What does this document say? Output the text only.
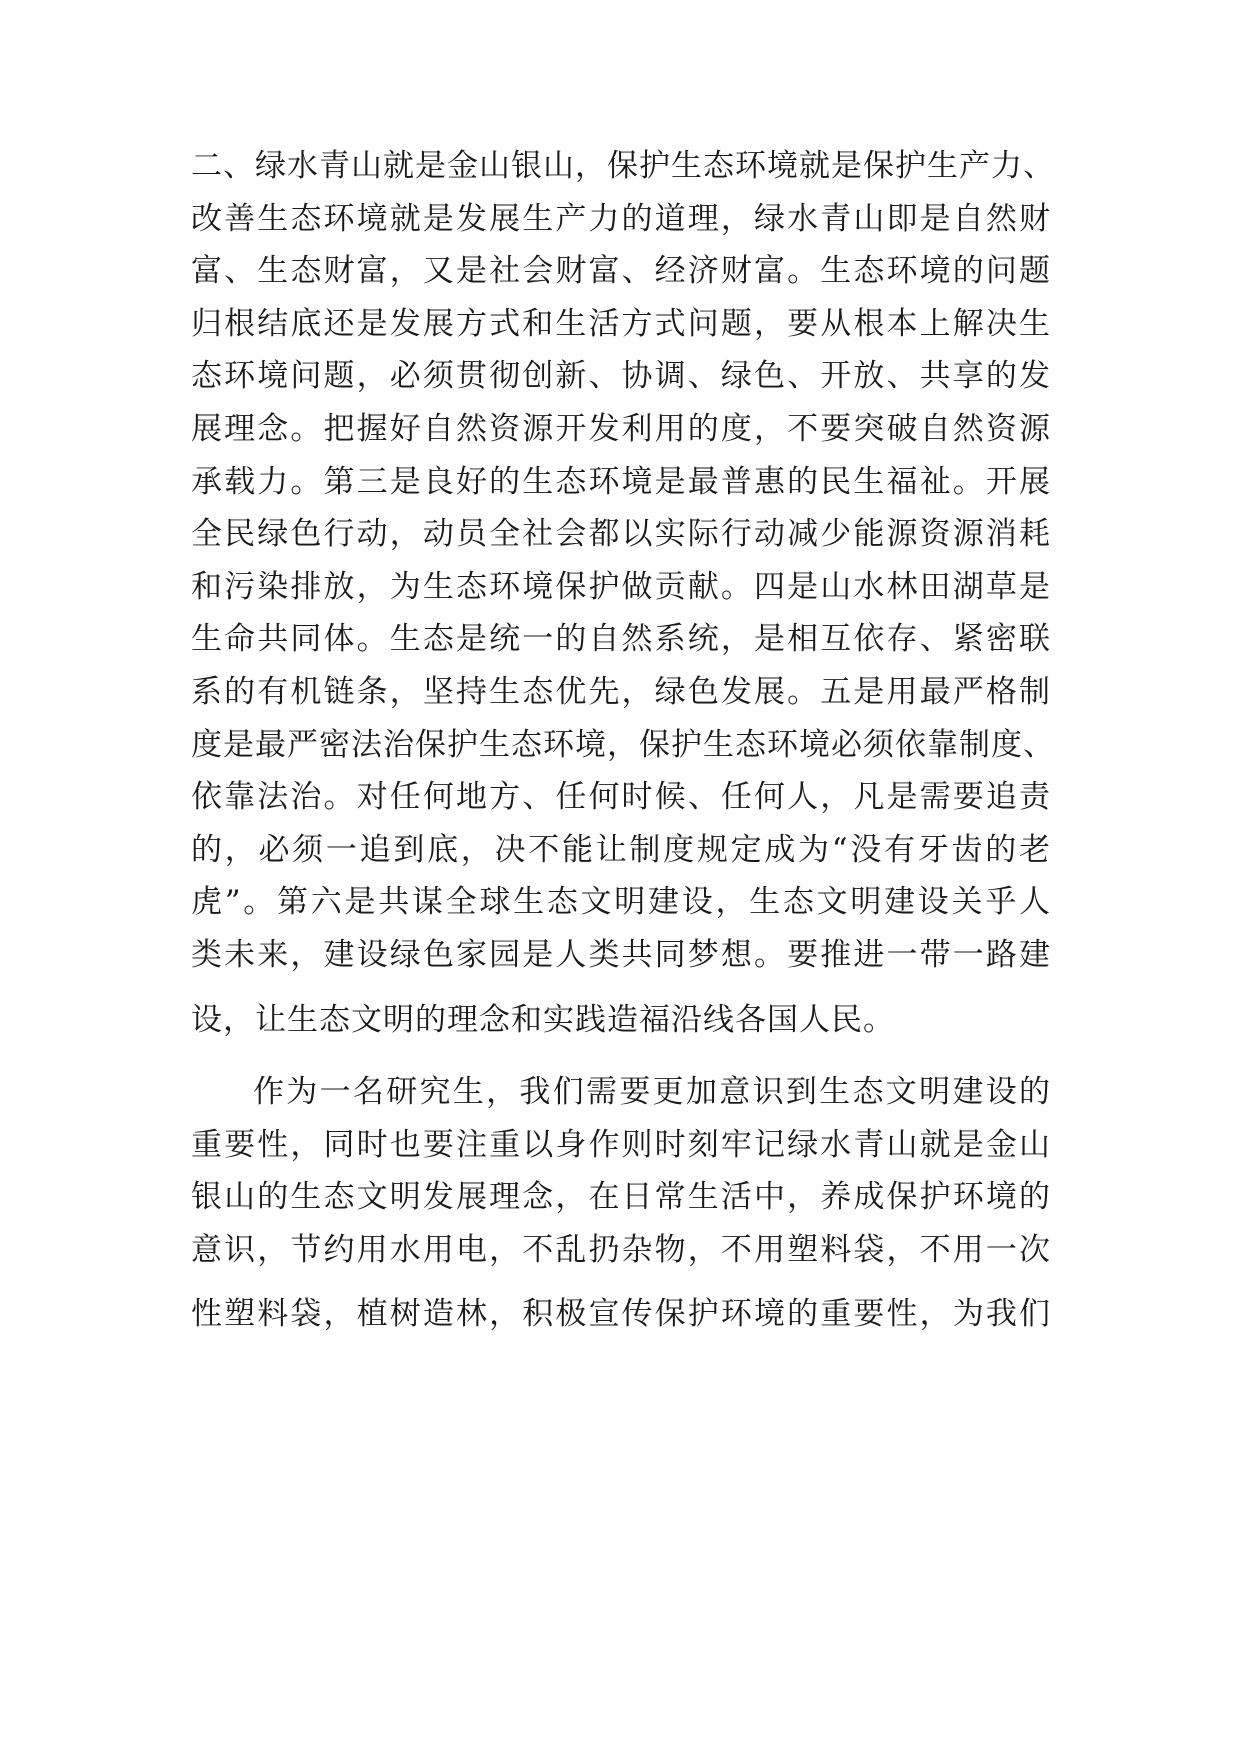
二、绿水青山就是金山银山，保护生态环境就是保护生产力、
改善生态环境就是发展生产力的道理，绿水青山即是自然财
富、生态财富，又是社会财富、经济财富。生态环境的问题
归根结底还是发展方式和生活方式问题，要从根本上解决生
态环境问题，必须贯彻创新、协调、绿色、开放、共享的发
展理念。把握好自然资源开发利用的度，不要突破自然资源
承载力。第三是良好的生态环境是最普惠的民生福祉。开展
全民绿色行动，动员全社会都以实际行动减少能源资源消耗
和污染排放，为生态环境保护做贡献。四是山水林田湖草是
生命共同体。生态是统一的自然系统，是相互依存、紧密联
系的有机链条，坚持生态优先，绿色发展。五是用最严格制
度是最严密法治保护生态环境，保护生态环境必须依靠制度、
依靠法治。对任何地方、任何时候、任何人，凡是需要追责
的，必须一追到底，决不能让制度规定成为“没有牙齿的老
虎”。第六是共谋全球生态文明建设，生态文明建设关乎人
类未来，建设绿色家园是人类共同梦想。要推进一带一路建
设，让生态文明的理念和实践造福沿线各国人民。
作为一名研究生，我们需要更加意识到生态文明建设的
重要性，同时也要注重以身作则时刻牢记绿水青山就是金山
银山的生态文明发展理念，在日常生活中，养成保护环境的
意识，节约用水用电，不乱扔杂物，不用塑料袋，不用一次
性塑料袋，植树造林，积极宣传保护环境的重要性，为我们
